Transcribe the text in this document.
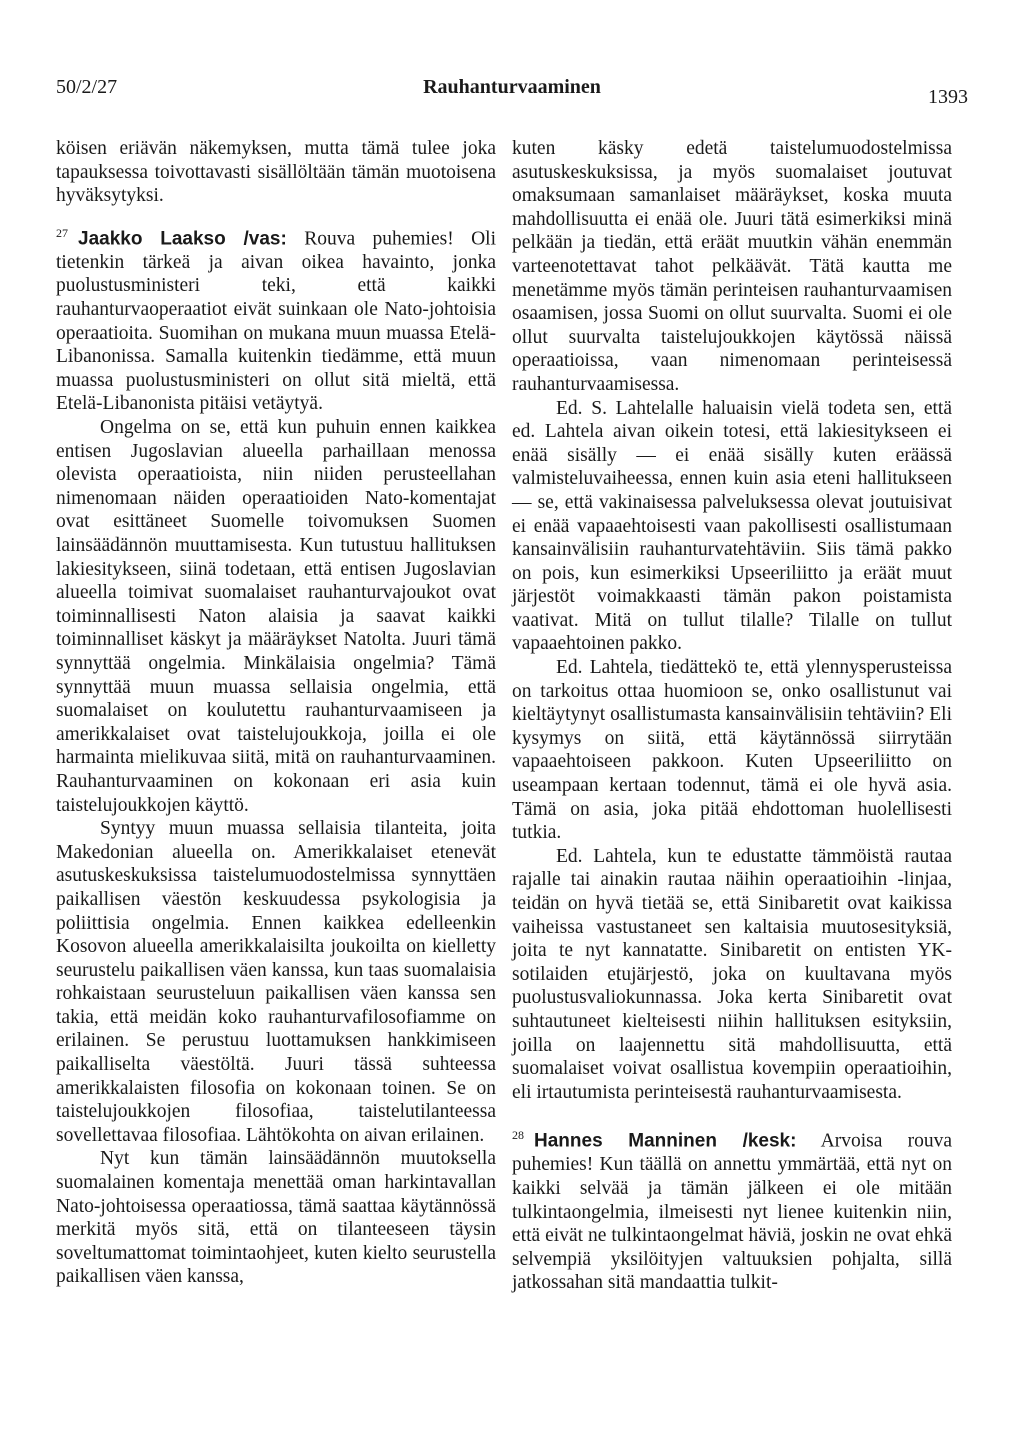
50/2/27	Rauhanturvaaminen	1393

köisen eriävän näkemyksen, mutta tämä tulee joka tapauksessa toivottavasti sisällöltään tämän muotoisena hyväksytyksi.

$^{27}$ Jaakko Laakso /vas: Rouva puhemies! Oli tietenkin tärkeä ja aivan oikea havainto, jonka puolustusministeri teki, että kaikki rauhanturvaoperaatiot eivät suinkaan ole Nato-johtoisia operaatioita. Suomihan on mukana muun muassa Etelä-Libanonissa. Samalla kuitenkin tiedämme, että muun muassa puolustusministeri on ollut sitä mieltä, että Etelä-Libanonista pitäisi vetäytyä.

Ongelma on se, että kun puhuin ennen kaikkea entisen Jugoslavian alueella parhaillaan menossa olevista operaatioista, niin niiden perusteellahan nimenomaan näiden operaatioiden Nato-komentajat ovat esittäneet Suomelle toivomuksen Suomen lainsäädännön muuttamisesta. Kun tutustuu hallituksen lakiesitykseen, siinä todetaan, että entisen Jugoslavian alueella toimivat suomalaiset rauhanturvajoukot ovat toiminnallisesti Naton alaisia ja saavat kaikki toiminnalliset käskyt ja määräykset Natolta. Juuri tämä synnyttää ongelmia. Minkälaisia ongelmia? Tämä synnyttää muun muassa sellaisia ongelmia, että suomalaiset on koulutettu rauhanturvaamiseen ja amerikkalaiset ovat taistelujoukkoja, joilla ei ole harmainta mielikuvaa siitä, mitä on rauhanturvaaminen. Rauhanturvaaminen on kokonaan eri asia kuin taistelujoukkojen käyttö.

Syntyy muun muassa sellaisia tilanteita, joita Makedonian alueella on. Amerikkalaiset etenevät asutuskeskuksissa taistelumuodostelmissa synnyttäen paikallisen väestön keskuudessa psykologisia ja poliittisia ongelmia. Ennen kaikkea edelleenkin Kosovon alueella amerikkalaisilta joukoilta on kielletty seurustelu paikallisen väen kanssa, kun taas suomalaisia rohkaistaan seurusteluun paikallisen väen kanssa sen takia, että meidän koko rauhanturvafilosofiamme on erilainen. Se perustuu luottamuksen hankkimiseen paikalliselta väestöltä. Juuri tässä suhteessa amerikkalaisten filosofia on kokonaan toinen. Se on taistelujoukkojen filosofiaa, taistelutilanteessa sovellettavaa filosofiaa. Lähtökohta on aivan erilainen.

Nyt kun tämän lainsäädännön muutoksella suomalainen komentaja menettää oman harkintavallan Nato-johtoisessa operaatiossa, tämä saattaa käytännössä merkitä myös sitä, että on tilanteeseen täysin soveltumattomat toimintaohjeet, kuten kielto seurustella paikallisen väen kanssa,

kuten käsky edetä taistelumuodostelmissa asutuskeskuksissa, ja myös suomalaiset joutuvat omaksumaan samanlaiset määräykset, koska muuta mahdollisuutta ei enää ole. Juuri tätä esimerkiksi minä pelkään ja tiedän, että eräät muutkin vähän enemmän varteenotettavat tahot pelkäävät. Tätä kautta me menetämme myös tämän perinteisen rauhanturvaamisen osaamisen, jossa Suomi on ollut suurvalta. Suomi ei ole ollut suurvalta taistelujoukkojen käytössä näissä operaatioissa, vaan nimenomaan perinteisessä rauhanturvaamisessa.

Ed. S. Lahtelalle haluaisin vielä todeta sen, että ed. Lahtela aivan oikein totesi, että lakiesitykseen ei enää sisälly — ei enää sisälly kuten eräässä valmisteluvaiheessa, ennen kuin asia eteni hallitukseen — se, että vakinaisessa palveluksessa olevat joutuisivat ei enää vapaaehtoisesti vaan pakollisesti osallistumaan kansainvälisiin rauhanturvatehtäviin. Siis tämä pakko on pois, kun esimerkiksi Upseeriliitto ja eräät muut järjestöt voimakkaasti tämän pakon poistamista vaativat. Mitä on tullut tilalle? Tilalle on tullut vapaaehtoinen pakko.

Ed. Lahtela, tiedättekö te, että ylennysperusteissa on tarkoitus ottaa huomioon se, onko osallistunut vai kieltäytynyt osallistumasta kansainvälisiin tehtäviin? Eli kysymys on siitä, että käytännössä siirrytään vapaaehtoiseen pakkoon. Kuten Upseeriliitto on useampaan kertaan todennut, tämä ei ole hyvä asia. Tämä on asia, joka pitää ehdottoman huolellisesti tutkia.

Ed. Lahtela, kun te edustatte tämmöistä rautaa rajalle tai ainakin rautaa näihin operaatioihin -linjaa, teidän on hyvä tietää se, että Sinibaretit ovat kaikissa vaiheissa vastustaneet sen kaltaisia muutosesityksiä, joita te nyt kannatatte. Sinibaretit on entisten YK-sotilaiden etujärjestö, joka on kuultavana myös puolustusvaliokunnassa. Joka kerta Sinibaretit ovat suhtautuneet kielteisesti niihin hallituksen esityksiin, joilla on laajennettu sitä mahdollisuutta, että suomalaiset voivat osallistua kovempiin operaatioihin, eli irtautumista perinteisestä rauhanturvaamisesta.

$^{28}$ Hannes Manninen /kesk: Arvoisa rouva puhemies! Kun täällä on annettu ymmärtää, että nyt on kaikki selvää ja tämän jälkeen ei ole mitään tulkintaongelmia, ilmeisesti nyt lienee kuitenkin niin, että eivät ne tulkintaongelmat häviä, joskin ne ovat ehkä selvempiä yksilöityjen valtuuksien pohjalta, sillä jatkossahan sitä mandaattia tulkit-
